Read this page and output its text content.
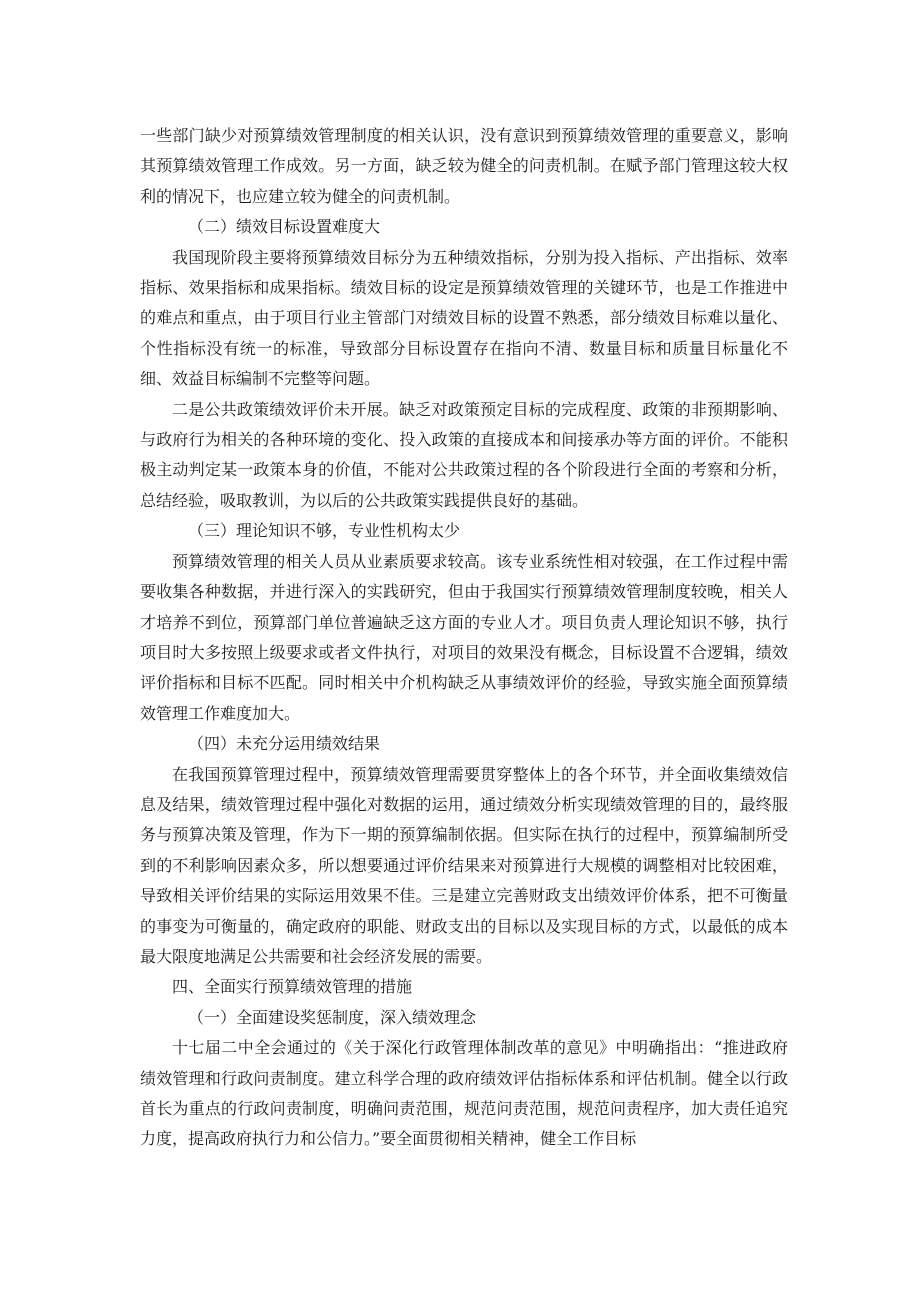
一些部门缺少对预算绩效管理制度的相关认识，没有意识到预算绩效管理的重要意义，影响其预算绩效管理工作成效。另一方面，缺乏较为健全的问责机制。在赋予部门管理这较大权利的情况下，也应建立较为健全的问责机制。

（二）绩效目标设置难度大

我国现阶段主要将预算绩效目标分为五种绩效指标，分别为投入指标、产出指标、效率指标、效果指标和成果指标。绩效目标的设定是预算绩效管理的关键环节，也是工作推进中的难点和重点，由于项目行业主管部门对绩效目标的设置不熟悉，部分绩效目标难以量化、个性指标没有统一的标准，导致部分目标设置存在指向不清、数量目标和质量目标量化不细、效益目标编制不完整等问题。

二是公共政策绩效评价未开展。缺乏对政策预定目标的完成程度、政策的非预期影响、与政府行为相关的各种环境的变化、投入政策的直接成本和间接承办等方面的评价。不能积极主动判定某一政策本身的价值，不能对公共政策过程的各个阶段进行全面的考察和分析，总结经验，吸取教训，为以后的公共政策实践提供良好的基础。

（三）理论知识不够，专业性机构太少

预算绩效管理的相关人员从业素质要求较高。该专业系统性相对较强，在工作过程中需要收集各种数据，并进行深入的实践研究，但由于我国实行预算绩效管理制度较晚，相关人才培养不到位，预算部门单位普遍缺乏这方面的专业人才。项目负责人理论知识不够，执行项目时大多按照上级要求或者文件执行，对项目的效果没有概念，目标设置不合逻辑，绩效评价指标和目标不匹配。同时相关中介机构缺乏从事绩效评价的经验，导致实施全面预算绩效管理工作难度加大。

（四）未充分运用绩效结果

在我国预算管理过程中，预算绩效管理需要贯穿整体上的各个环节，并全面收集绩效信息及结果，绩效管理过程中强化对数据的运用，通过绩效分析实现绩效管理的目的，最终服务与预算决策及管理，作为下一期的预算编制依据。但实际在执行的过程中，预算编制所受到的不利影响因素众多，所以想要通过评价结果来对预算进行大规模的调整相对比较困难，导致相关评价结果的实际运用效果不佳。三是建立完善财政支出绩效评价体系，把不可衡量的事变为可衡量的，确定政府的职能、财政支出的目标以及实现目标的方式，以最低的成本最大限度地满足公共需要和社会经济发展的需要。

四、全面实行预算绩效管理的措施

（一）全面建设奖惩制度，深入绩效理念

十七届二中全会通过的《关于深化行政管理体制改革的意见》中明确指出：“推进政府绩效管理和行政问责制度。建立科学合理的政府绩效评估指标体系和评估机制。健全以行政首长为重点的行政问责制度，明确问责范围，规范问责范围，规范问责程序，加大责任追究力度，提高政府执行力和公信力。”要全面贯彻相关精神，健全工作目标
